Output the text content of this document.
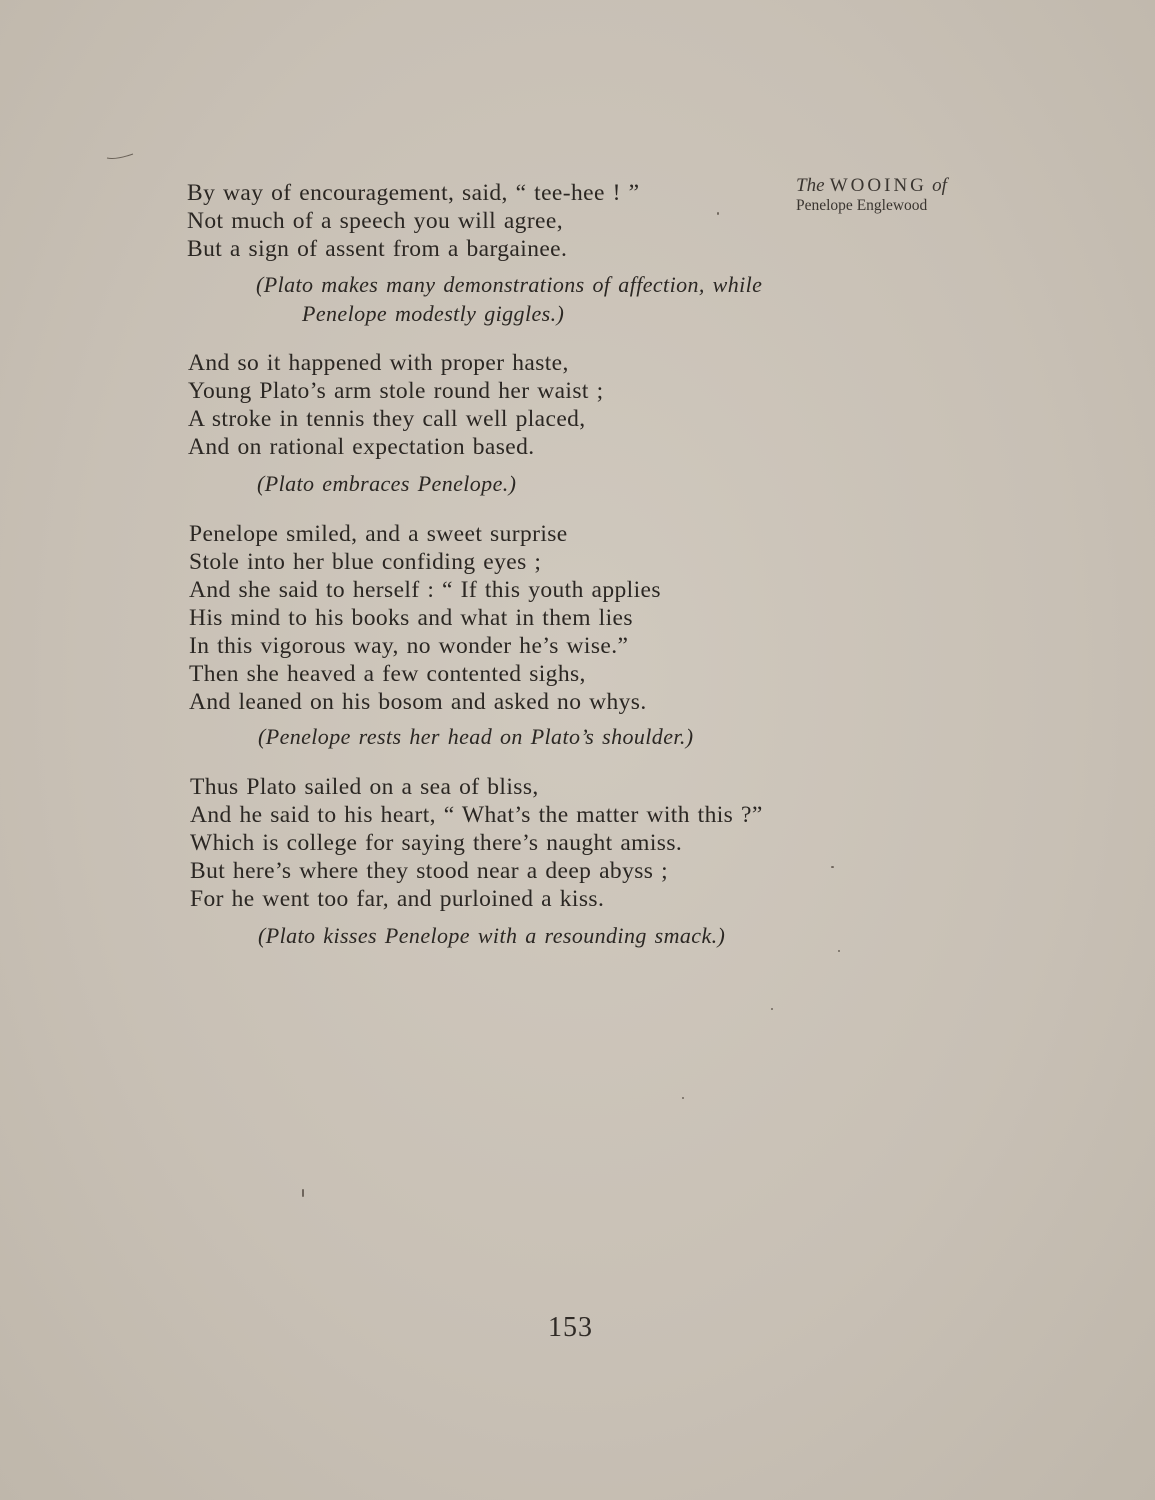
The WOOING of
Penelope Englewood
By way of encouragement, said, “ tee-hee ! ”
Not much of a speech you will agree,
But a sign of assent from a bargainee.
(Plato makes many demonstrations of affection, while
Penelope modestly giggles.)
And so it happened with proper haste,
Young Plato’s arm stole round her waist ;
A stroke in tennis they call well placed,
And on rational expectation based.
(Plato embraces Penelope.)
Penelope smiled, and a sweet surprise
Stole into her blue confiding eyes ;
And she said to herself : “ If this youth applies
His mind to his books and what in them lies
In this vigorous way, no wonder he’s wise.”
Then she heaved a few contented sighs,
And leaned on his bosom and asked no whys.
(Penelope rests her head on Plato’s shoulder.)
Thus Plato sailed on a sea of bliss,
And he said to his heart, “ What’s the matter with this ?”
Which is college for saying there’s naught amiss.
But here’s where they stood near a deep abyss ;
For he went too far, and purloined a kiss.
(Plato kisses Penelope with a resounding smack.)
153
